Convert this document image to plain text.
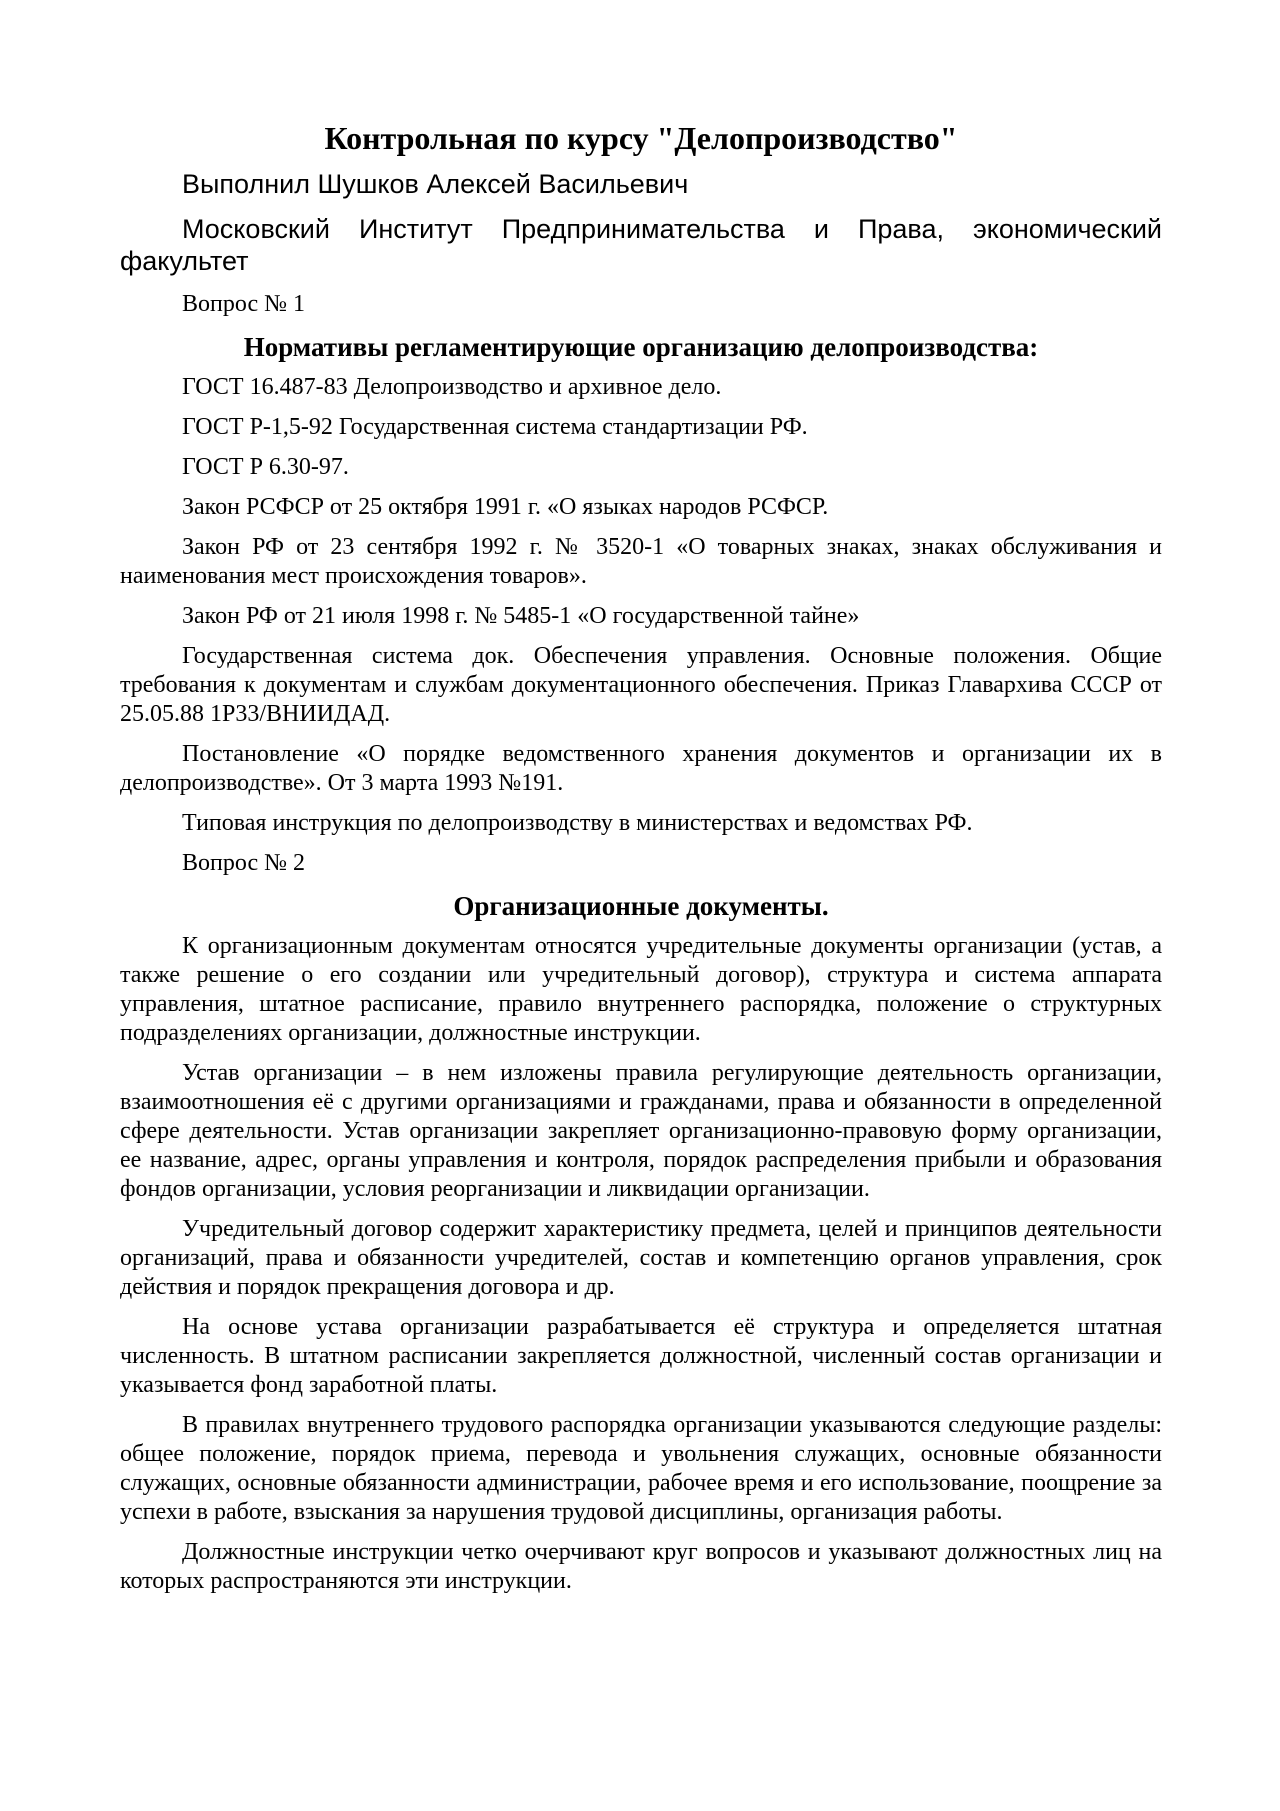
Контрольная по курсу "Делопроизводство"

Выполнил Шушков Алексей Васильевич

Московский Институт Предпринимательства и Права, экономический факультет

Вопрос № 1

Нормативы регламентирующие организацию делопроизводства:

ГОСТ 16.487-83 Делопроизводство и архивное дело.

ГОСТ Р-1,5-92 Государственная система стандартизации РФ.

ГОСТ Р 6.30-97.

Закон РСФСР от 25 октября 1991 г. «О языках народов РСФСР.

Закон РФ от 23 сентября 1992 г. № 3520-1 «О товарных знаках, знаках обслуживания и наименования мест происхождения товаров».

Закон РФ от 21 июля 1998 г. № 5485-1 «О государственной тайне»

Государственная система док. Обеспечения управления. Основные положения. Общие требования к документам и службам документационного обеспечения. Приказ Главархива СССР от 25.05.88 1Р33/ВНИИДАД.

Постановление «О порядке ведомственного хранения документов и организации их в делопроизводстве». От 3 марта 1993 №191.

Типовая инструкция по делопроизводству в министерствах и ведомствах РФ.

Вопрос № 2

Организационные документы.

К организационным документам относятся учредительные документы организации (устав, а также решение о его создании или учредительный договор), структура и система аппарата управления, штатное расписание, правило внутреннего распорядка, положение о структурных подразделениях организации, должностные инструкции.

Устав организации – в нем изложены правила регулирующие деятельность организации, взаимоотношения её с другими организациями и гражданами, права и обязанности в определенной сфере деятельности. Устав организации закрепляет организационно-правовую форму организации, ее название, адрес, органы управления и контроля, порядок распределения прибыли и образования фондов организации, условия реорганизации и ликвидации организации.

Учредительный договор содержит характеристику предмета, целей и принципов деятельности организаций, права и обязанности учредителей, состав и компетенцию органов управления, срок действия и порядок прекращения договора и др.

На основе устава организации разрабатывается её структура и определяется штатная численность. В штатном расписании закрепляется должностной, численный состав организации и указывается фонд заработной платы.

В правилах внутреннего трудового распорядка организации указываются следующие разделы: общее положение, порядок приема, перевода и увольнения служащих, основные обязанности служащих, основные обязанности администрации, рабочее время и его использование, поощрение за успехи в работе, взыскания за нарушения трудовой дисциплины, организация работы.

Должностные инструкции четко очерчивают круг вопросов и указывают должностных лиц на которых распространяются эти инструкции.
